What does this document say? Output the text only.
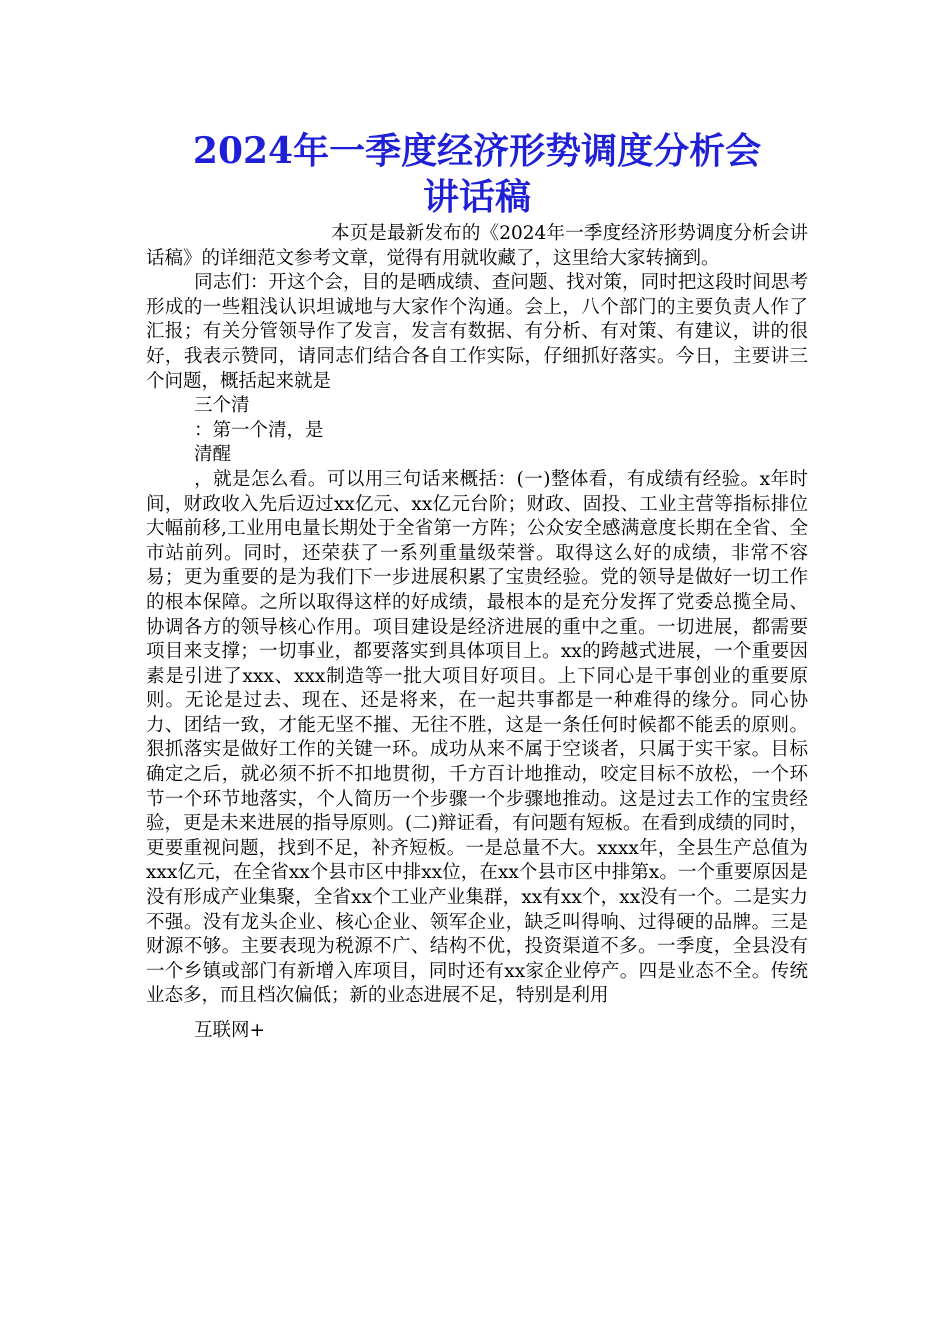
2024年一季度经济形势调度分析会
讲话稿

本页是最新发布的《2024年一季度经济形势调度分析会讲话稿》的详细范文参考文章，觉得有用就收藏了，这里给大家转摘到。

同志们：开这个会，目的是晒成绩、查问题、找对策，同时把这段时间思考形成的一些粗浅认识坦诚地与大家作个沟通。会上，八个部门的主要负责人作了汇报；有关分管领导作了发言，发言有数据、有分析、有对策、有建议，讲的很好，我表示赞同，请同志们结合各自工作实际，仔细抓好落实。今日，主要讲三个问题，概括起来就是

三个清

：第一个清，是

清醒

，就是怎么看。可以用三句话来概括：(一)整体看，有成绩有经验。x年时间，财政收入先后迈过xx亿元、xx亿元台阶；财政、固投、工业主营等指标排位大幅前移,工业用电量长期处于全省第一方阵；公众安全感满意度长期在全省、全市站前列。同时，还荣获了一系列重量级荣誉。取得这么好的成绩，非常不容易；更为重要的是为我们下一步进展积累了宝贵经验。党的领导是做好一切工作的根本保障。之所以取得这样的好成绩，最根本的是充分发挥了党委总揽全局、协调各方的领导核心作用。项目建设是经济进展的重中之重。一切进展，都需要项目来支撑；一切事业，都要落实到具体项目上。xx的跨越式进展，一个重要因素是引进了xxx、xxx制造等一批大项目好项目。上下同心是干事创业的重要原则。无论是过去、现在、还是将来，在一起共事都是一种难得的缘分。同心协力、团结一致，才能无坚不摧、无往不胜，这是一条任何时候都不能丢的原则。狠抓落实是做好工作的关键一环。成功从来不属于空谈者，只属于实干家。目标确定之后，就必须不折不扣地贯彻，千方百计地推动，咬定目标不放松，一个环节一个环节地落实，个人简历一个步骤一个步骤地推动。这是过去工作的宝贵经验，更是未来进展的指导原则。(二)辩证看，有问题有短板。在看到成绩的同时，更要重视问题，找到不足，补齐短板。一是总量不大。xxxx年，全县生产总值为xxx亿元，在全省xx个县市区中排xx位，在xx个县市区中排第x。一个重要原因是没有形成产业集聚，全省xx个工业产业集群，xx有xx个，xx没有一个。二是实力不强。没有龙头企业、核心企业、领军企业，缺乏叫得响、过得硬的品牌。三是财源不够。主要表现为税源不广、结构不优，投资渠道不多。一季度，全县没有一个乡镇或部门有新增入库项目，同时还有xx家企业停产。四是业态不全。传统业态多，而且档次偏低；新的业态进展不足，特别是利用

互联网+
